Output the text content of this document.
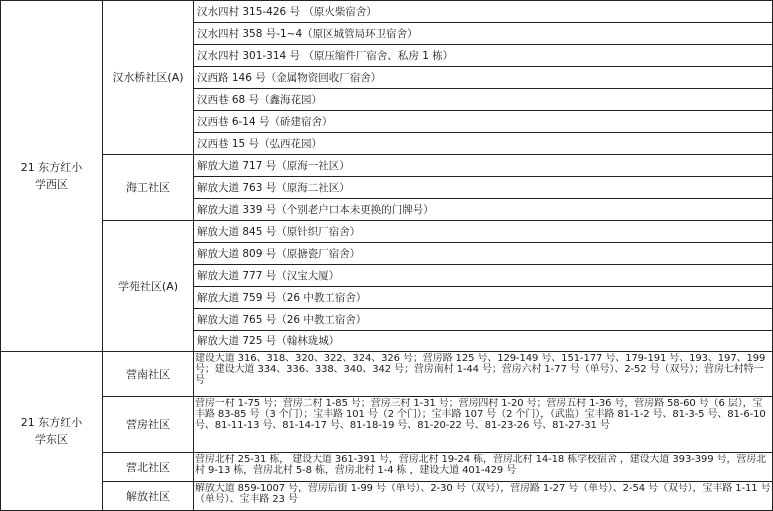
21 东方红小学西区
21 东方红小学东区
汉水桥社区(A)
海工社区
学苑社区(A)
汉水四村 315-426 号 （原火柴宿舍）
汉水四村 358 号-1~4（原区城管局环卫宿舍）
汉水四村 301-314 号 （原压缩件厂宿舍、私房 1 栋）
汉西路 146 号（金属物资回收厂宿舍）
汉西巷 68 号（鑫海花园）
汉西巷 6-14 号（硚建宿舍）
汉西巷 15 号（弘西花园）
解放大道 717 号（原海一社区）
解放大道 763 号（原海二社区）
解放大道 339 号（个别老户口本未更换的门牌号）
解放大道 845 号（原针织厂宿舍）
解放大道 809 号（原搪瓷厂宿舍）
解放大道 777 号（汉宝大厦）
解放大道 759 号（26 中教工宿舍）
解放大道 765 号（26 中教工宿舍）
解放大道 725 号（翰林珑城）
营南社区
营房社区
营北社区
解放社区
建设大道 316、318、320、322、324、326 号；营房路 125 号、129-149 号、151-177 号、179-191 号、193、197、199 号；建设大道 334、336、338、340、342 号；营房南村 1-44 号；营房六村 1-77 号（单号）、2-52 号（双号）；营房七村特一号
营房一村 1-75 号；营房二村 1-85 号；营房三村 1-31 号；营房四村 1-20 号；营房五村 1-36 号，营房路 58-60 号（6 层），宝丰路 83-85 号（3 个门）；宝丰路 101 号（2 个门）；宝丰路 107 号（2 个门），（武监）宝丰路 81-1-2 号、81-3-5 号、81-6-10 号、81-11-13 号、81-14-17 号、81-18-19 号、81-20-22 号、81-23-26 号、81-27-31 号
营房北村 25-31 栋， 建设大道 361-391 号，营房北村 19-24 栋，营房北村 14-18 栋学校宿舍 ，建设大道 393-399 号，营房北村 9-13 栋，营房北村 5-8 栋，营房北村 1-4 栋 ，建设大道 401-429 号
解放大道 859-1007 号，营房后街 1-99 号（单号）、2-30 号（双号），营房路 1-27 号（单号）、2-54 号（双号），宝丰路 1-11 号（单号）、宝丰路 23 号
